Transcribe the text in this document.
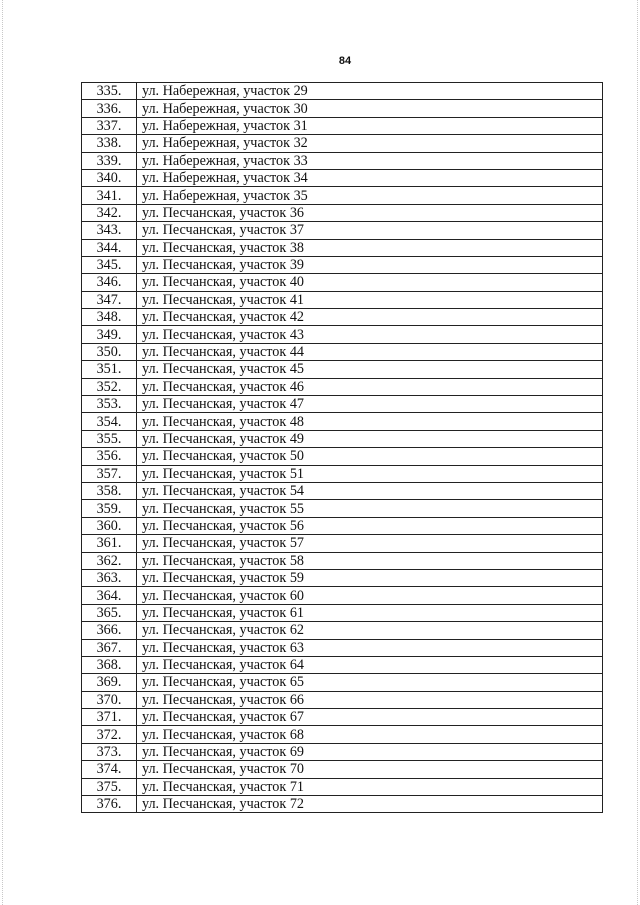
84
335.	ул. Набережная, участок 29
336.	ул. Набережная, участок 30
337.	ул. Набережная, участок 31
338.	ул. Набережная, участок 32
339.	ул. Набережная, участок 33
340.	ул. Набережная, участок 34
341.	ул. Набережная, участок 35
342.	ул. Песчанская, участок 36
343.	ул. Песчанская, участок 37
344.	ул. Песчанская, участок 38
345.	ул. Песчанская, участок 39
346.	ул. Песчанская, участок 40
347.	ул. Песчанская, участок 41
348.	ул. Песчанская, участок 42
349.	ул. Песчанская, участок 43
350.	ул. Песчанская, участок 44
351.	ул. Песчанская, участок 45
352.	ул. Песчанская, участок 46
353.	ул. Песчанская, участок 47
354.	ул. Песчанская, участок 48
355.	ул. Песчанская, участок 49
356.	ул. Песчанская, участок 50
357.	ул. Песчанская, участок 51
358.	ул. Песчанская, участок 54
359.	ул. Песчанская, участок 55
360.	ул. Песчанская, участок 56
361.	ул. Песчанская, участок 57
362.	ул. Песчанская, участок 58
363.	ул. Песчанская, участок 59
364.	ул. Песчанская, участок 60
365.	ул. Песчанская, участок 61
366.	ул. Песчанская, участок 62
367.	ул. Песчанская, участок 63
368.	ул. Песчанская, участок 64
369.	ул. Песчанская, участок 65
370.	ул. Песчанская, участок 66
371.	ул. Песчанская, участок 67
372.	ул. Песчанская, участок 68
373.	ул. Песчанская, участок 69
374.	ул. Песчанская, участок 70
375.	ул. Песчанская, участок 71
376.	ул. Песчанская, участок 72
